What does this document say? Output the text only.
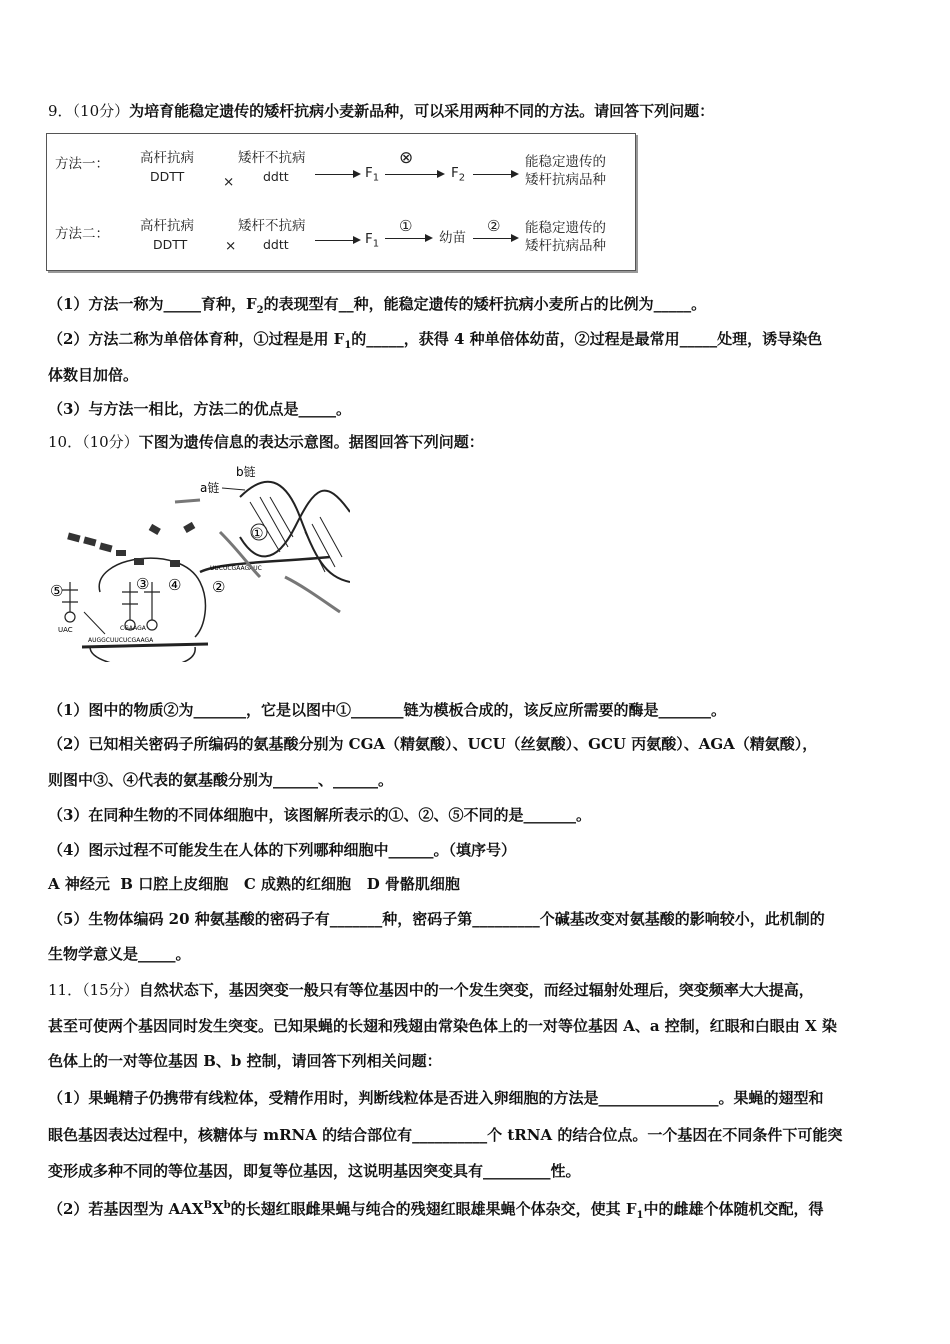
9．（10分）为培育能稳定遗传的矮杆抗病小麦新品种，可以采用两种不同的方法。请回答下列问题：
方法一： 高杆抗病
DDTT	×
矮杆不抗病
ddtt	$F_1$
⊗
$F_2$
能稳定遗传的
矮杆抗病品种
方法二： 高杆抗病
DDTT	×
矮杆不抗病
ddtt	$F_1$
①
幼苗
② 能稳定遗传的
矮杆抗病品种
（1）方法一称为_____育种，$F_2$的表现型有__种，能稳定遗传的矮杆抗病小麦所占的比例为_____。
（2）方法二称为单倍体育种，①过程是用 $F_1$的_____，获得 4 种单倍体幼苗，②过程是最常用_____处理，诱导染色
体数目加倍。
（3）与方法一相比，方法二的优点是_____。
10．（10分）下图为遗传信息的表达示意图。据图回答下列问题：
b链
a链
①
UUCUCGAAGAUC
②
AUGGCUUCUCGAAGA
CGAAGA
UAC
③ ④
⑤
（1）图中的物质②为_______，它是以图中①_______链为模板合成的，该反应所需要的酶是_______。
（2）已知相关密码子所编码的氨基酸分别为 CGA（精氨酸）、UCU（丝氨酸）、GCU 丙氨酸）、AGA（精氨酸），
则图中③、④代表的氨基酸分别为______、______。
（3）在同种生物的不同体细胞中，该图解所表示的①、②、⑤不同的是_______。
（4）图示过程不可能发生在人体的下列哪种细胞中______。（填序号）
A 神经元  B 口腔上皮细胞   C 成熟的红细胞   D 骨骼肌细胞
（5）生物体编码 20 种氨基酸的密码子有_______种，密码子第_________个碱基改变对氨基酸的影响较小，此机制的
生物学意义是_____。
11．（15分）自然状态下，基因突变一般只有等位基因中的一个发生突变，而经过辐射处理后，突变频率大大提高，
甚至可使两个基因同时发生突变。已知果蝇的长翅和残翅由常染色体上的一对等位基因 A、a 控制，红眼和白眼由 X 染
色体上的一对等位基因 B、b 控制，请回答下列相关问题：
（1）果蝇精子仍携带有线粒体，受精作用时，判断线粒体是否进入卵细胞的方法是________________。果蝇的翅型和
眼色基因表达过程中，核糖体与 mRNA 的结合部位有__________个 tRNA 的结合位点。一个基因在不同条件下可能突
变形成多种不同的等位基因，即复等位基因，这说明基因突变具有_________性。
（2）若基因型为 $AAX^BX^b$的长翅红眼雌果蝇与纯合的残翅红眼雄果蝇个体杂交，使其 $F_1$中的雌雄个体随机交配，得
